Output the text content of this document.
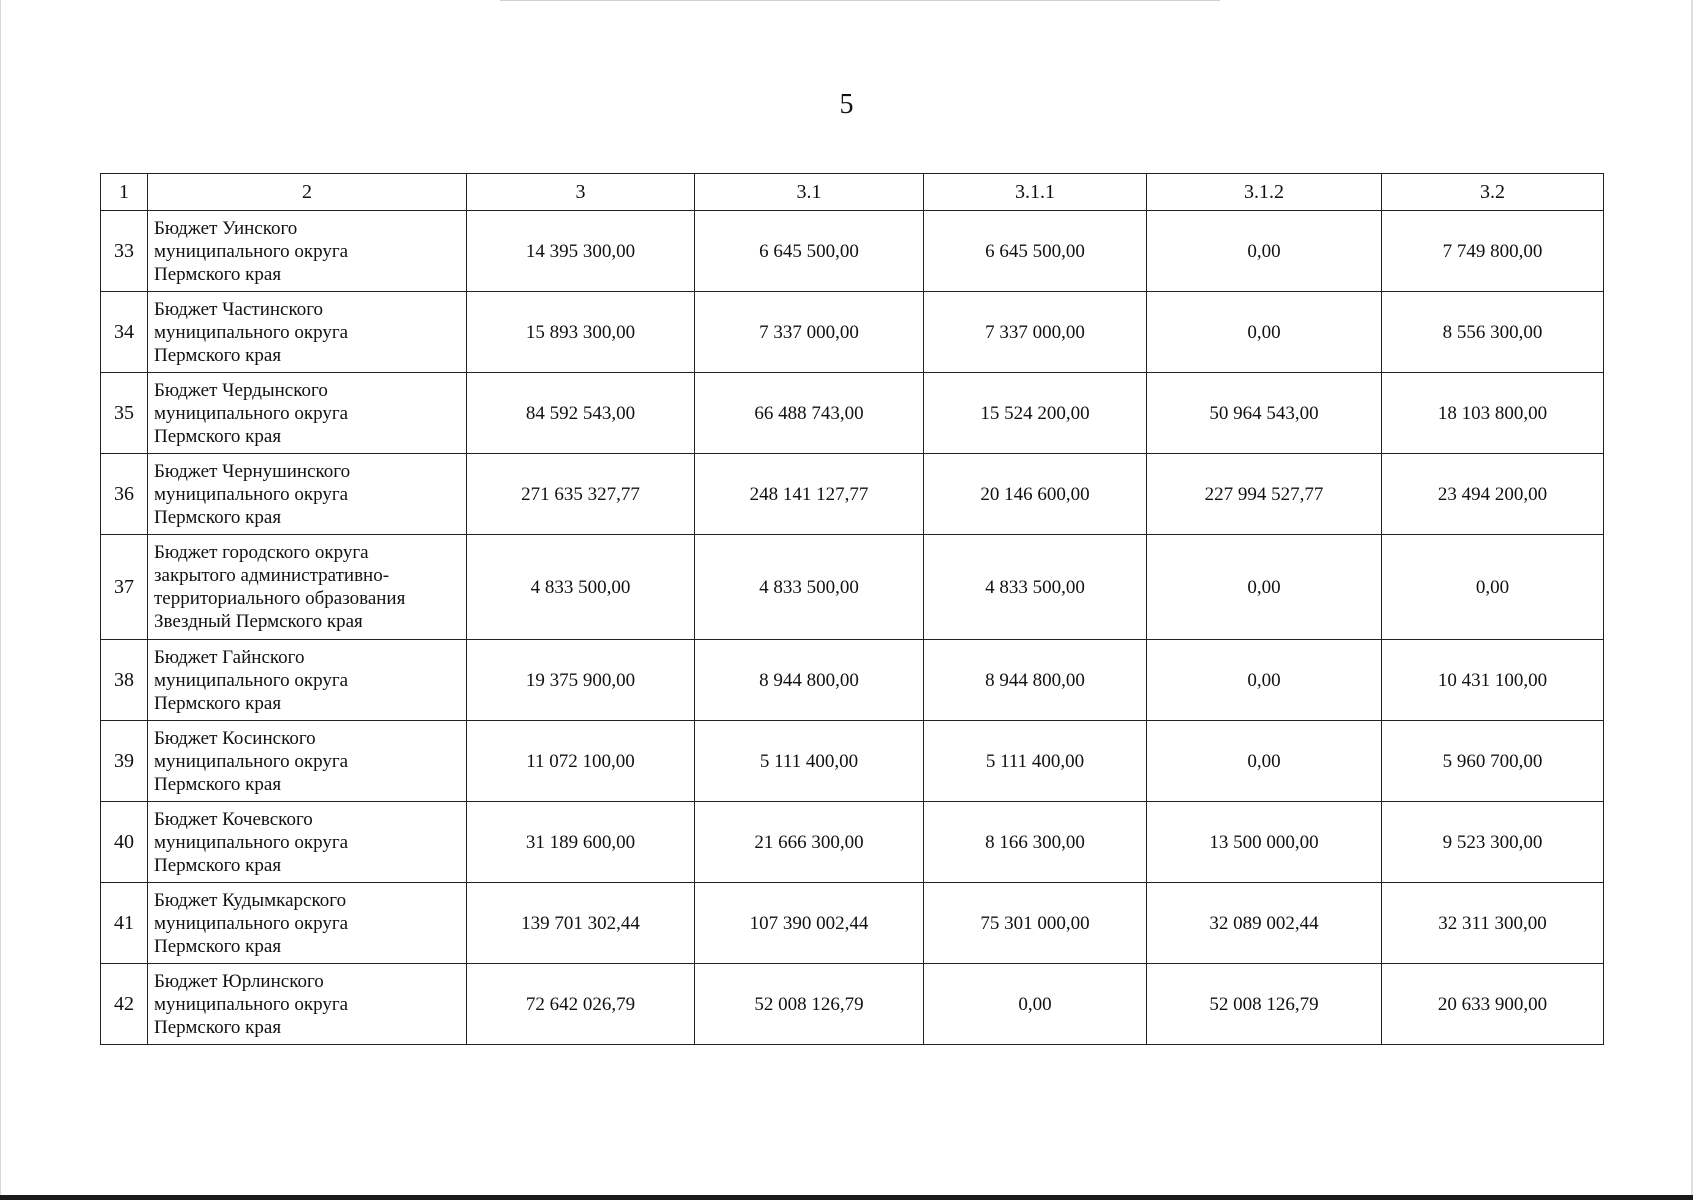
5
1	2	3	3.1	3.1.1	3.1.2	3.2
33	Бюджет Уинского
муниципального округа
Пермского края	14 395 300,00	6 645 500,00	6 645 500,00	0,00	7 749 800,00
34	Бюджет Частинского
муниципального округа
Пермского края	15 893 300,00	7 337 000,00	7 337 000,00	0,00	8 556 300,00
35	Бюджет Чердынского
муниципального округа
Пермского края	84 592 543,00	66 488 743,00	15 524 200,00	50 964 543,00	18 103 800,00
36	Бюджет Чернушинского
муниципального округа
Пермского края	271 635 327,77	248 141 127,77	20 146 600,00	227 994 527,77	23 494 200,00
37	Бюджет городского округа
закрытого административно-
территориального образования
Звездный Пермского края	4 833 500,00	4 833 500,00	4 833 500,00	0,00	0,00
38	Бюджет Гайнского
муниципального округа
Пермского края	19 375 900,00	8 944 800,00	8 944 800,00	0,00	10 431 100,00
39	Бюджет Косинского
муниципального округа
Пермского края	11 072 100,00	5 111 400,00	5 111 400,00	0,00	5 960 700,00
40	Бюджет Кочевского
муниципального округа
Пермского края	31 189 600,00	21 666 300,00	8 166 300,00	13 500 000,00	9 523 300,00
41	Бюджет Кудымкарского
муниципального округа
Пермского края	139 701 302,44	107 390 002,44	75 301 000,00	32 089 002,44	32 311 300,00
42	Бюджет Юрлинского
муниципального округа
Пермского края	72 642 026,79	52 008 126,79	0,00	52 008 126,79	20 633 900,00
